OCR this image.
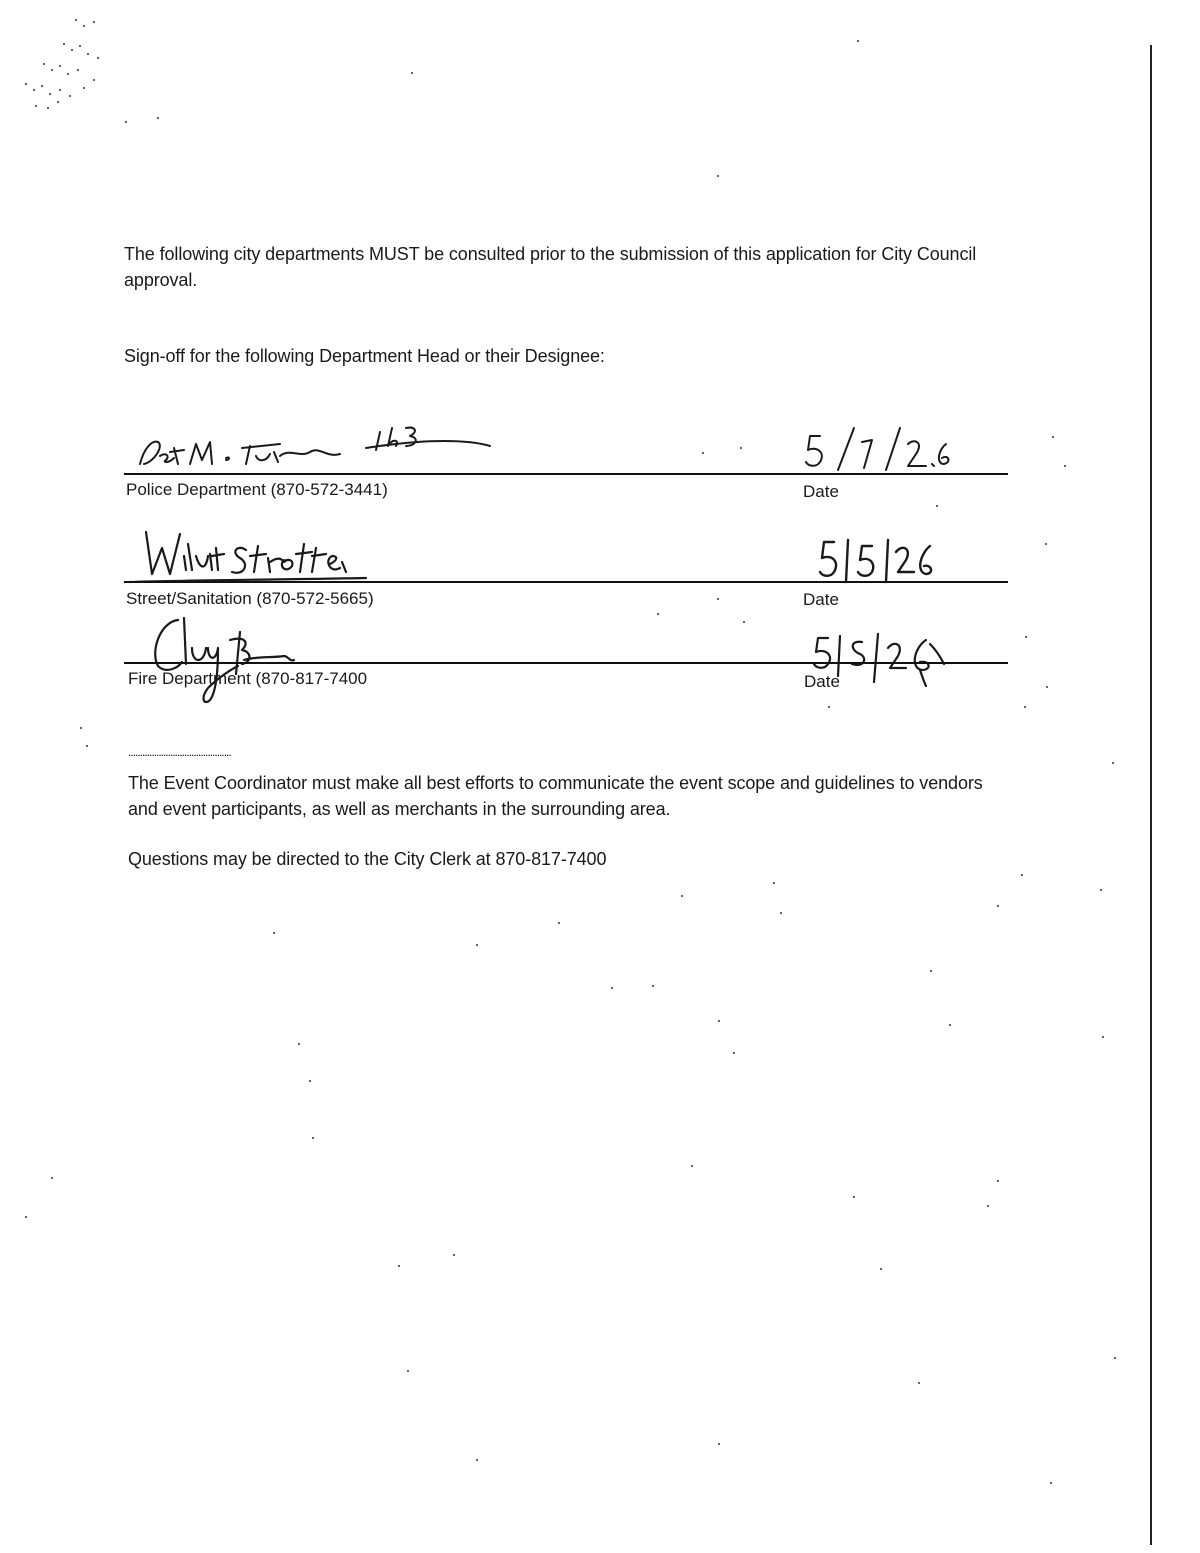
The following city departments MUST be consulted prior to the submission of this application for City Council approval.
Sign-off for the following Department Head or their Designee:
Police Department (870-572-3441)	Date
Street/Sanitation (870-572-5665)	Date
Fire Department (870-817-7400	Date
............................................
The Event Coordinator must make all best efforts to communicate the event scope and guidelines to vendors and event participants, as well as merchants in the surrounding area.
Questions may be directed to the City Clerk at 870-817-7400
